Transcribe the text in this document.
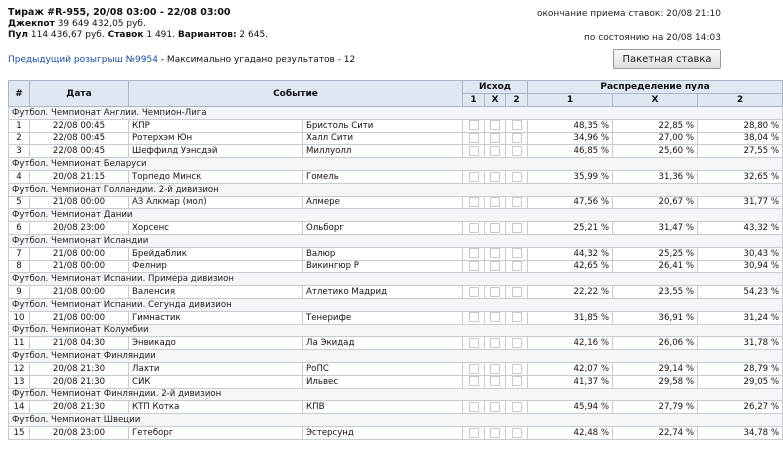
Тираж #R-955, 20/08 03:00 - 22/08 03:00
Джекпот 39 649 432,05 руб.
Пул 114 436,67 руб. Ставок 1 491. Вариантов: 2 645.
окончание приема ставок: 20/08 21:10
по состоянию на 20/08 14:03
Предыдущий розыгрыш №9954 - Максимально угадано результатов - 12	Пакетная ставка
#	Дата	Событие		Исход			Распределение пула		
				1	X	2	1	X	2
Футбол. Чемпионат Англии. Чемпион-Лига									
1	22/08 00:45	КПР	Бристоль Сити				48,35 %	22,85 %	28,80 %
2	22/08 00:45	Ротерхэм Юн	Халл Сити				34,96 %	27,00 %	38,04 %
3	22/08 00:45	Шеффилд Уэнсдэй	Миллуолл				46,85 %	25,60 %	27,55 %
Футбол. Чемпионат Беларуси									
4	20/08 21:15	Торпедо Минск	Гомель				35,99 %	31,36 %	32,65 %
Футбол. Чемпионат Голландии. 2-й дивизион									
5	21/08 00:00	АЗ Алкмар (мол)	Алмере				47,56 %	20,67 %	31,77 %
Футбол. Чемпионат Дании									
6	20/08 23:00	Хорсенс	Ольборг				25,21 %	31,47 %	43,32 %
Футбол. Чемпионат Исландии									
7	21/08 00:00	Брейдаблик	Валюр				44,32 %	25,25 %	30,43 %
8	21/08 00:00	Фелнир	Викингюр Р				42,65 %	26,41 %	30,94 %
Футбол. Чемпионат Испании. Примера дивизион									
9	21/08 00:00	Валенсия	Атлетико Мадрид				22,22 %	23,55 %	54,23 %
Футбол. Чемпионат Испании. Сегунда дивизион									
10	21/08 00:00	Гимнастик	Тенерифе				31,85 %	36,91 %	31,24 %
Футбол. Чемпионат Колумбии									
11	21/08 04:30	Энвикадо	Ла Экидад				42,16 %	26,06 %	31,78 %
Футбол. Чемпионат Финляндии									
12	20/08 21:30	Лахти	РоПС				42,07 %	29,14 %	28,79 %
13	20/08 21:30	СИК	Ильвес				41,37 %	29,58 %	29,05 %
Футбол. Чемпионат Финляндии. 2-й дивизион									
14	20/08 21:30	КТП Котка	КПВ				45,94 %	27,79 %	26,27 %
Футбол. Чемпионат Швеции									
15	20/08 23:00	Гетеборг	Эстерсунд				42,48 %	22,74 %	34,78 %
